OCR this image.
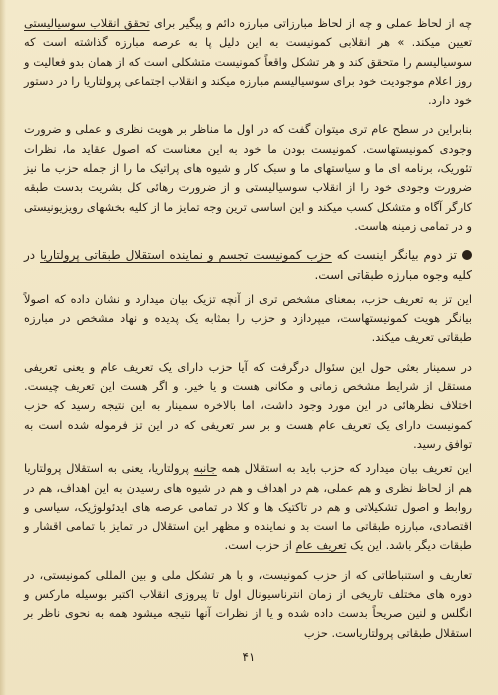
چه از لحاظ عملی و چه از لحاظ مبارزاتی مبارزه دائم و پیگیر برای تحقق انقلاب سوسیالیستی تعیین میکند. » هر انقلابی کمونیست به این دلیل پا به عرصه مبارزه گذاشته است که سوسیالیسم را متحقق کند و هر تشکل واقعاً کمونیست متشکلی است که از همان بدو فعالیت و روز اعلام موجودیت خود برای سوسیالیسم مبارزه میکند و انقلاب اجتماعی پرولتاریا را در دستور خود دارد.

بنابراین در سطح عام تری میتوان گفت که در اول ما مناظر بر هویت نظری و عملی و ضرورت وجودی کمونیستهاست. کمونیست بودن ما خود به این معناست که اصول عقاید ما، نظرات تئوریک، برنامه ای ما و سیاستهای ما و سبک کار و شیوه های پراتیک ما را از جمله حزب ما نیز ضرورت وجودی خود را از انقلاب سوسیالیستی و از ضرورت رهائی کل بشریت بدست طبقه کارگر آگاه و متشکل کسب میکند و این اساسی ترین وجه تمایز ما از کلیه بخشهای رویزیونیستی و در تمامی زمینه هاست.

تز دوم بیانگر اینست که حزب کمونیست تجسم و نماینده استقلال طبقاتی پرولتاریا در کلیه وجوه مبارزه طبقاتی است.

این تز به تعریف حزب، بمعنای مشخص تری از آنچه تزیک بیان میدارد و نشان داده که اصولاً بیانگر هویت کمونیستهاست، میپردازد و حزب را بمثابه یک پدیده و نهاد مشخص در مبارزه طبقاتی تعریف میکند.

در سمینار بعثی حول این سئوال درگرفت که آیا حزب دارای یک تعریف عام و یعنی تعریفی مستقل از شرایط مشخص زمانی و مکانی هست و یا خیر. و اگر هست این تعریف چیست. اختلاف نظرهائی در این مورد وجود داشت، اما بالاخره سمینار به این نتیجه رسید که حزب کمونیست دارای یک تعریف عام هست و بر سر تعریفی که در این تز فرموله شده است به توافق رسید.

این تعریف بیان میدارد که حزب باید به استقلال همه جانبه پرولتاریا، یعنی به استقلال پرولتاریا هم از لحاظ نظری و هم عملی، هم در اهداف و هم در شیوه های رسیدن به این اهداف، هم در روابط و اصول تشکیلاتی و هم در تاکتیک ها و کلا در تمامی عرصه های ایدئولوژیک، سیاسی و اقتصادی، مبارزه طبقاتی ما است بد و نماینده و مظهر این استقلال در تمایز با تمامی اقشار و طبقات دیگر باشد. این یک تعریف عام از حزب است.

تعاریف و استنباطاتی که از حزب کمونیست، و با هر تشکل ملی و بین المللی کمونیستی، در دوره های مختلف تاریخی از زمان انترناسیونال اول تا پیروزی انقلاب اکتبر بوسیله مارکس و انگلس و لنین صریحاً بدست داده شده و یا از نظرات آنها نتیجه میشود همه به نحوی ناظر بر استقلال طبقاتی پرولتاریاست. حزب

۴۱
